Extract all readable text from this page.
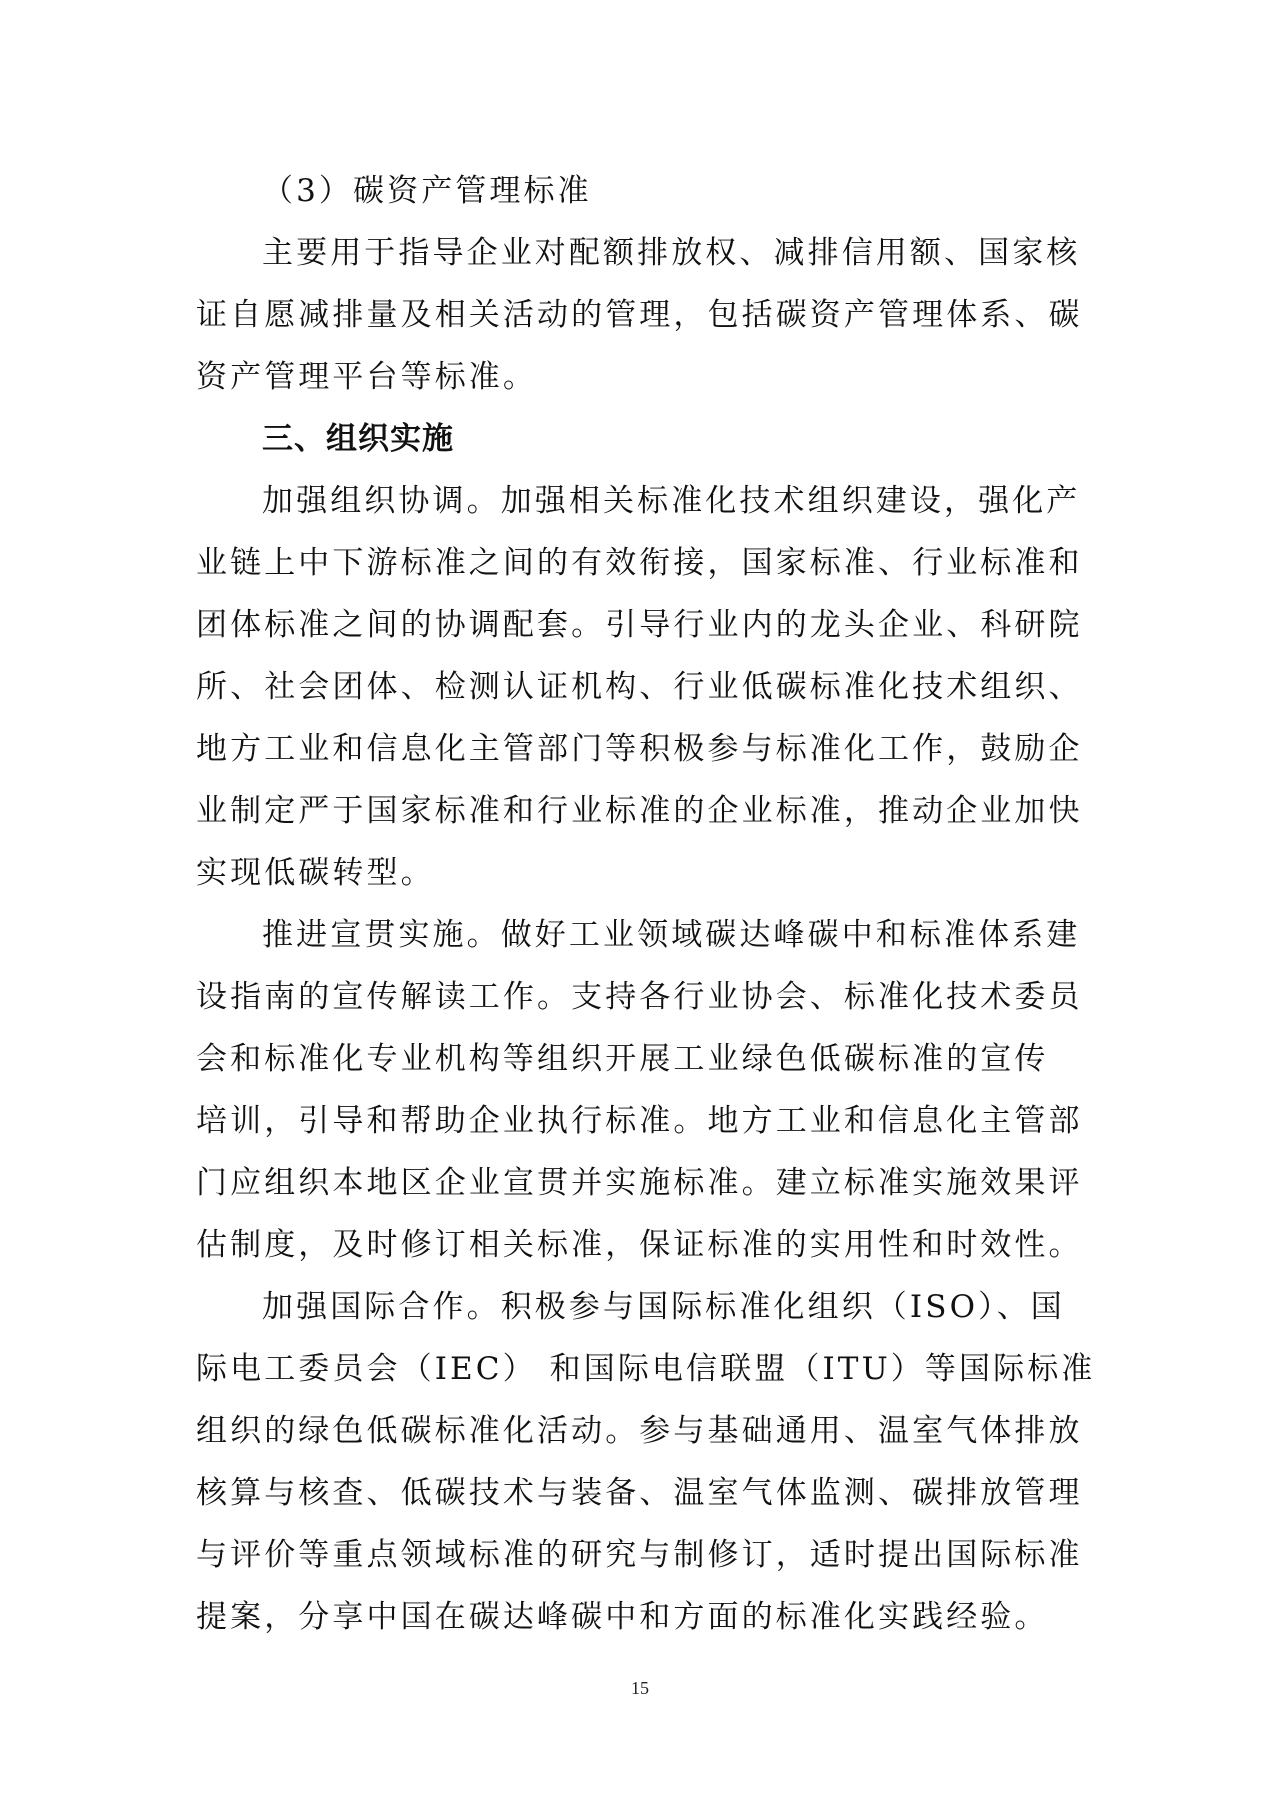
（3）碳资产管理标准

主要用于指导企业对配额排放权、减排信用额、国家核

证自愿减排量及相关活动的管理，包括碳资产管理体系、碳

资产管理平台等标准。

三、组织实施

加强组织协调。加强相关标准化技术组织建设，强化产

业链上中下游标准之间的有效衔接，国家标准、行业标准和

团体标准之间的协调配套。引导行业内的龙头企业、科研院

所、社会团体、检测认证机构、行业低碳标准化技术组织、

地方工业和信息化主管部门等积极参与标准化工作，鼓励企

业制定严于国家标准和行业标准的企业标准，推动企业加快

实现低碳转型。

推进宣贯实施。做好工业领域碳达峰碳中和标准体系建

设指南的宣传解读工作。支持各行业协会、标准化技术委员

会和标准化专业机构等组织开展工业绿色低碳标准的宣传

培训，引导和帮助企业执行标准。地方工业和信息化主管部

门应组织本地区企业宣贯并实施标准。建立标准实施效果评

估制度，及时修订相关标准，保证标准的实用性和时效性。

加强国际合作。积极参与国际标准化组织（ISO）、国

际电工委员会（IEC） 和国际电信联盟（ITU）等国际标准

组织的绿色低碳标准化活动。参与基础通用、温室气体排放

核算与核查、低碳技术与装备、温室气体监测、碳排放管理

与评价等重点领域标准的研究与制修订，适时提出国际标准

提案，分享中国在碳达峰碳中和方面的标准化实践经验。

15
